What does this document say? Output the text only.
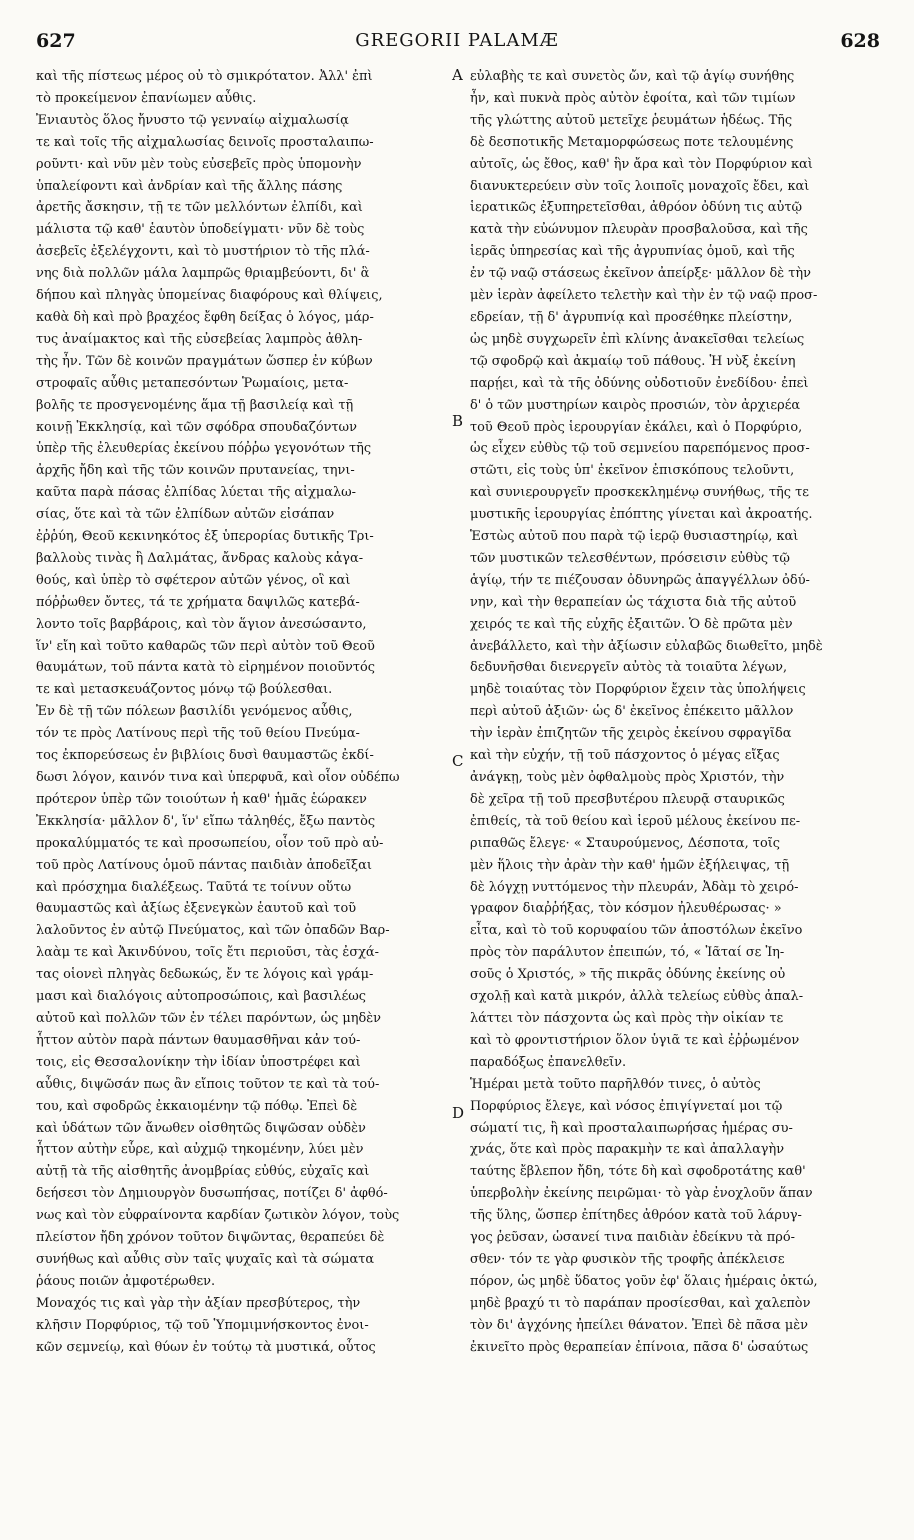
627	GREGORII PALAMÆ	628
A
B
C
D
καὶ τῆς πίστεως μέρος οὐ τὸ σμικρότατον. Ἀλλ' ἐπὶ
τὸ προκείμενον ἐπανίωμεν αὖθις.
Ἐνιαυτὸς ὅλος ἤνυστο τῷ γενναίῳ αἰχμαλωσίᾳ
τε καὶ τοῖς τῆς αἰχμαλωσίας δεινοῖς προσταλαιπω-
ροῦντι· καὶ νῦν μὲν τοὺς εὐσεβεῖς πρὸς ὑπομονὴν
ὑπαλείφοντι καὶ ἀνδρίαν καὶ τῆς ἄλλης πάσης
ἀρετῆς ἄσκησιν, τῇ τε τῶν μελλόντων ἐλπίδι, καὶ
μάλιστα τῷ καθ' ἑαυτὸν ὑποδείγματι· νῦν δὲ τοὺς
ἀσεβεῖς ἐξελέγχοντι, καὶ τὸ μυστήριον τὸ τῆς πλά-
νης διὰ πολλῶν μάλα λαμπρῶς θριαμβεύοντι, δι' ἃ
δήπου καὶ πληγὰς ὑπομείνας διαφόρους καὶ θλίψεις,
καθὰ δὴ καὶ πρὸ βραχέος ἔφθη δείξας ὁ λόγος, μάρ-
τυς ἀναίμακτος καὶ τῆς εὐσεβείας λαμπρὸς ἀθλη-
τὴς ἦν. Τῶν δὲ κοινῶν πραγμάτων ὥσπερ ἐν κύβων
στροφαῖς αὖθις μεταπεσόντων Ῥωμαίοις, μετα-
βολῆς τε προσγενομένης ἅμα τῇ βασιλείᾳ καὶ τῇ
κοινῇ Ἐκκλησίᾳ, καὶ τῶν σφόδρα σπουδαζόντων
ὑπὲρ τῆς ἐλευθερίας ἐκείνου πόῤῥω γεγονότων τῆς
ἀρχῆς ἤδη καὶ τῆς τῶν κοινῶν πρυτανείας, τηνι-
καῦτα παρὰ πάσας ἐλπίδας λύεται τῆς αἰχμαλω-
σίας, ὅτε καὶ τὰ τῶν ἐλπίδων αὐτῶν εἰσάπαν
ἐῤῥύη, Θεοῦ κεκινηκότος ἐξ ὑπερορίας δυτικῆς Τρι-
βαλλοὺς τινὰς ἢ Δαλμάτας, ἄνδρας καλοὺς κἀγα-
θούς, καὶ ὑπὲρ τὸ σφέτερον αὐτῶν γένος, οἳ καὶ
πόῤῥωθεν ὄντες, τά τε χρήματα δαψιλῶς κατεβά-
λοντο τοῖς βαρβάροις, καὶ τὸν ἅγιον ἀνεσώσαντο,
ἵν' εἴη καὶ τοῦτο καθαρῶς τῶν περὶ αὐτὸν τοῦ Θεοῦ
θαυμάτων, τοῦ πάντα κατὰ τὸ εἰρημένον ποιοῦντός
τε καὶ μετασκευάζοντος μόνῳ τῷ βούλεσθαι.
Ἐν δὲ τῇ τῶν πόλεων βασιλίδι γενόμενος αὖθις,
τόν τε πρὸς Λατίνους περὶ τῆς τοῦ θείου Πνεύμα-
τος ἐκπορεύσεως ἐν βιβλίοις δυσὶ θαυμαστῶς ἐκδί-
δωσι λόγον, καινόν τινα καὶ ὑπερφυᾶ, καὶ οἷον οὐδέπω
πρότερον ὑπὲρ τῶν τοιούτων ἡ καθ' ἡμᾶς ἑώρακεν
Ἐκκλησία· μᾶλλον δ', ἵν' εἴπω τἀληθές, ἔξω παντὸς
προκαλύμματός τε καὶ προσωπείου, οἷον τοῦ πρὸ αὐ-
τοῦ πρὸς Λατίνους ὁμοῦ πάντας παιδιὰν ἀποδεῖξαι
καὶ πρόσχημα διαλέξεως. Ταῦτά τε τοίνυν οὕτω
θαυμαστῶς καὶ ἀξίως ἐξενεγκὼν ἑαυτοῦ καὶ τοῦ
λαλοῦντος ἐν αὐτῷ Πνεύματος, καὶ τῶν ὀπαδῶν Βαρ-
λαὰμ τε καὶ Ἀκινδύνου, τοῖς ἔτι περιοῦσι, τὰς ἐσχά-
τας οἱονεὶ πληγὰς δεδωκώς, ἔν τε λόγοις καὶ γράμ-
μασι καὶ διαλόγοις αὐτοπροσώποις, καὶ βασιλέως
αὐτοῦ καὶ πολλῶν τῶν ἐν τέλει παρόντων, ὡς μηδὲν
ἧττον αὐτὸν παρὰ πάντων θαυμασθῆναι κἀν τού-
τοις, εἰς Θεσσαλονίκην τὴν ἰδίαν ὑποστρέφει καὶ
αὖθις, διψῶσάν πως ἂν εἴποις τοῦτον τε καὶ τὰ τού-
του, καὶ σφοδρῶς ἐκκαιομένην τῷ πόθῳ. Ἐπεὶ δὲ
καὶ ὑδάτων τῶν ἄνωθεν οἰσθητῶς διψῶσαν οὐδὲν
ἧττον αὐτὴν εὗρε, καὶ αὐχμῷ τηκομένην, λύει μὲν
αὐτῇ τὰ τῆς αἰσθητῆς ἀνομβρίας εὐθύς, εὐχαῖς καὶ
δεήσεσι τὸν Δημιουργὸν δυσωπήσας, ποτίζει δ' ἀφθό-
νως καὶ τὸν εὐφραίνοντα καρδίαν ζωτικὸν λόγον, τοὺς
πλείστον ἤδη χρόνον τοῦτον διψῶντας, θεραπεύει δὲ
συνήθως καὶ αὖθις σὺν ταῖς ψυχαῖς καὶ τὰ σώματα
ῥάους ποιῶν ἀμφοτέρωθεν.
Μοναχός τις καὶ γὰρ τὴν ἀξίαν πρεσβύτερος, τὴν
κλῆσιν Πορφύριος, τῷ τοῦ Ὑπομιμνήσκοντος ἐνοι-
κῶν σεμνείῳ, καὶ θύων ἐν τούτῳ τὰ μυστικά, οὗτος
εὐλαβὴς τε καὶ συνετὸς ὤν, καὶ τῷ ἁγίῳ συνήθης
ἦν, καὶ πυκνὰ πρὸς αὐτὸν ἐφοίτα, καὶ τῶν τιμίων
τῆς γλώττης αὐτοῦ μετεῖχε ῥευμάτων ἡδέως. Τῆς
δὲ δεσποτικῆς Μεταμορφώσεως ποτε τελουμένης
αὐτοῖς, ὡς ἔθος, καθ' ἣν ἄρα καὶ τὸν Πορφύριον καὶ
διανυκτερεύειν σὺν τοῖς λοιποῖς μοναχοῖς ἔδει, καὶ
ἱερατικῶς ἐξυπηρετεῖσθαι, ἀθρόον ὀδύνη τις αὐτῷ
κατὰ τὴν εὐώνυμον πλευρὰν προσβαλοῦσα, καὶ τῆς
ἱερᾶς ὑπηρεσίας καὶ τῆς ἀγρυπνίας ὁμοῦ, καὶ τῆς
ἐν τῷ ναῷ στάσεως ἐκεῖνον ἀπείρξε· μᾶλλον δὲ τὴν
μὲν ἱερὰν ἀφείλετο τελετὴν καὶ τὴν ἐν τῷ ναῷ προσ-
εδρείαν, τῇ δ' ἀγρυπνίᾳ καὶ προσέθηκε πλείστην,
ὡς μηδὲ συγχωρεῖν ἐπὶ κλίνης ἀνακεῖσθαι τελείως
τῷ σφοδρῷ καὶ ἀκμαίῳ τοῦ πάθους. Ἡ νὺξ ἐκείνη
παρῄει, καὶ τὰ τῆς ὀδύνης οὐδοτιοῦν ἐνεδίδου· ἐπεὶ
δ' ὁ τῶν μυστηρίων καιρὸς προσιών, τὸν ἀρχιερέα
τοῦ Θεοῦ πρὸς ἱερουργίαν ἐκάλει, καὶ ὁ Πορφύριο,
ὡς εἶχεν εὐθὺς τῷ τοῦ σεμνείου παρεπόμενος προσ-
στῶτι, εἰς τοὺς ὑπ' ἐκεῖνον ἐπισκόπους τελοῦντι,
καὶ συνιερουργεῖν προσκεκλημένῳ συνήθως, τῆς τε
μυστικῆς ἱερουργίας ἐπόπτης γίνεται καὶ ἀκροατής.
Ἑστὼς αὐτοῦ που παρὰ τῷ ἱερῷ θυσιαστηρίῳ, καὶ
τῶν μυστικῶν τελεσθέντων, πρόσεισιν εὐθὺς τῷ
ἁγίῳ, τήν τε πιέζουσαν ὀδυνηρῶς ἀπαγγέλλων ὀδύ-
νην, καὶ τὴν θεραπείαν ὡς τάχιστα διὰ τῆς αὐτοῦ
χειρός τε καὶ τῆς εὐχῆς ἐξαιτῶν. Ὁ δὲ πρῶτα μὲν
ἀνεβάλλετο, καὶ τὴν ἀξίωσιν εὐλαβῶς διωθεῖτο, μηδὲ
δεδυνῆσθαι διενεργεῖν αὐτὸς τὰ τοιαῦτα λέγων,
μηδὲ τοιαύτας τὸν Πορφύριον ἔχειν τὰς ὑπολήψεις
περὶ αὐτοῦ ἀξιῶν· ὡς δ' ἐκεῖνος ἐπέκειτο μᾶλλον
τὴν ἱερὰν ἐπιζητῶν τῆς χειρὸς ἐκείνου σφραγῖδα
καὶ τὴν εὐχήν, τῇ τοῦ πάσχοντος ὁ μέγας εἴξας
ἀνάγκῃ, τοὺς μὲν ὀφθαλμοὺς πρὸς Χριστόν, τὴν
δὲ χεῖρα τῇ τοῦ πρεσβυτέρου πλευρᾷ σταυρικῶς
ἐπιθείς, τὰ τοῦ θείου καὶ ἱεροῦ μέλους ἐκείνου πε-
ριπαθῶς ἔλεγε· « Σταυρούμενος, Δέσποτα, τοῖς
μὲν ἥλοις τὴν ἀρὰν τὴν καθ' ἡμῶν ἐξήλειψας, τῇ
δὲ λόγχῃ νυττόμενος τὴν πλευράν, Ἀδὰμ τὸ χειρό-
γραφον διαῤῥήξας, τὸν κόσμον ἠλευθέρωσας· »
εἶτα, καὶ τὸ τοῦ κορυφαίου τῶν ἀποστόλων ἐκεῖνο
πρὸς τὸν παράλυτον ἐπειπών, τό, « Ἰᾶταί σε Ἰη-
σοῦς ὁ Χριστός, » τῆς πικρᾶς ὀδύνης ἐκείνης οὐ
σχολῇ καὶ κατὰ μικρόν, ἀλλὰ τελείως εὐθὺς ἀπαλ-
λάττει τὸν πάσχοντα ὡς καὶ πρὸς τὴν οἰκίαν τε
καὶ τὸ φροντιστήριον ὅλον ὑγιᾶ τε καὶ ἐῤῥωμένον
παραδόξως ἐπανελθεῖν.
Ἡμέραι μετὰ τοῦτο παρῆλθόν τινες, ὁ αὐτὸς
Πορφύριος ἔλεγε, καὶ νόσος ἐπιγίγνεταί μοι τῷ
σώματί τις, ἢ καὶ προσταλαιπωρήσας ἡμέρας συ-
χνάς, ὅτε καὶ πρὸς παρακμὴν τε καὶ ἀπαλλαγὴν
ταύτης ἔβλεπον ἤδη, τότε δὴ καὶ σφοδροτάτης καθ'
ὑπερβολὴν ἐκείνης πειρῶμαι· τὸ γὰρ ἐνοχλοῦν ἅπαν
τῆς ὕλης, ὥσπερ ἐπίτηδες ἀθρόον κατὰ τοῦ λάρυγ-
γος ῥεῦσαν, ὡσανεί τινα παιδιὰν ἐδείκνυ τὰ πρό-
σθεν· τόν τε γὰρ φυσικὸν τῆς τροφῆς ἀπέκλεισε
πόρον, ὡς μηδὲ ὕδατος γοῦν ἐφ' ὅλαις ἡμέραις ὀκτώ,
μηδὲ βραχύ τι τὸ παράπαν προσίεσθαι, καὶ χαλεπὸν
τὸν δι' ἀγχόνης ἠπείλει θάνατον. Ἐπεὶ δὲ πᾶσα μὲν
ἐκινεῖτο πρὸς θεραπείαν ἐπίνοια, πᾶσα δ' ὡσαύτως
